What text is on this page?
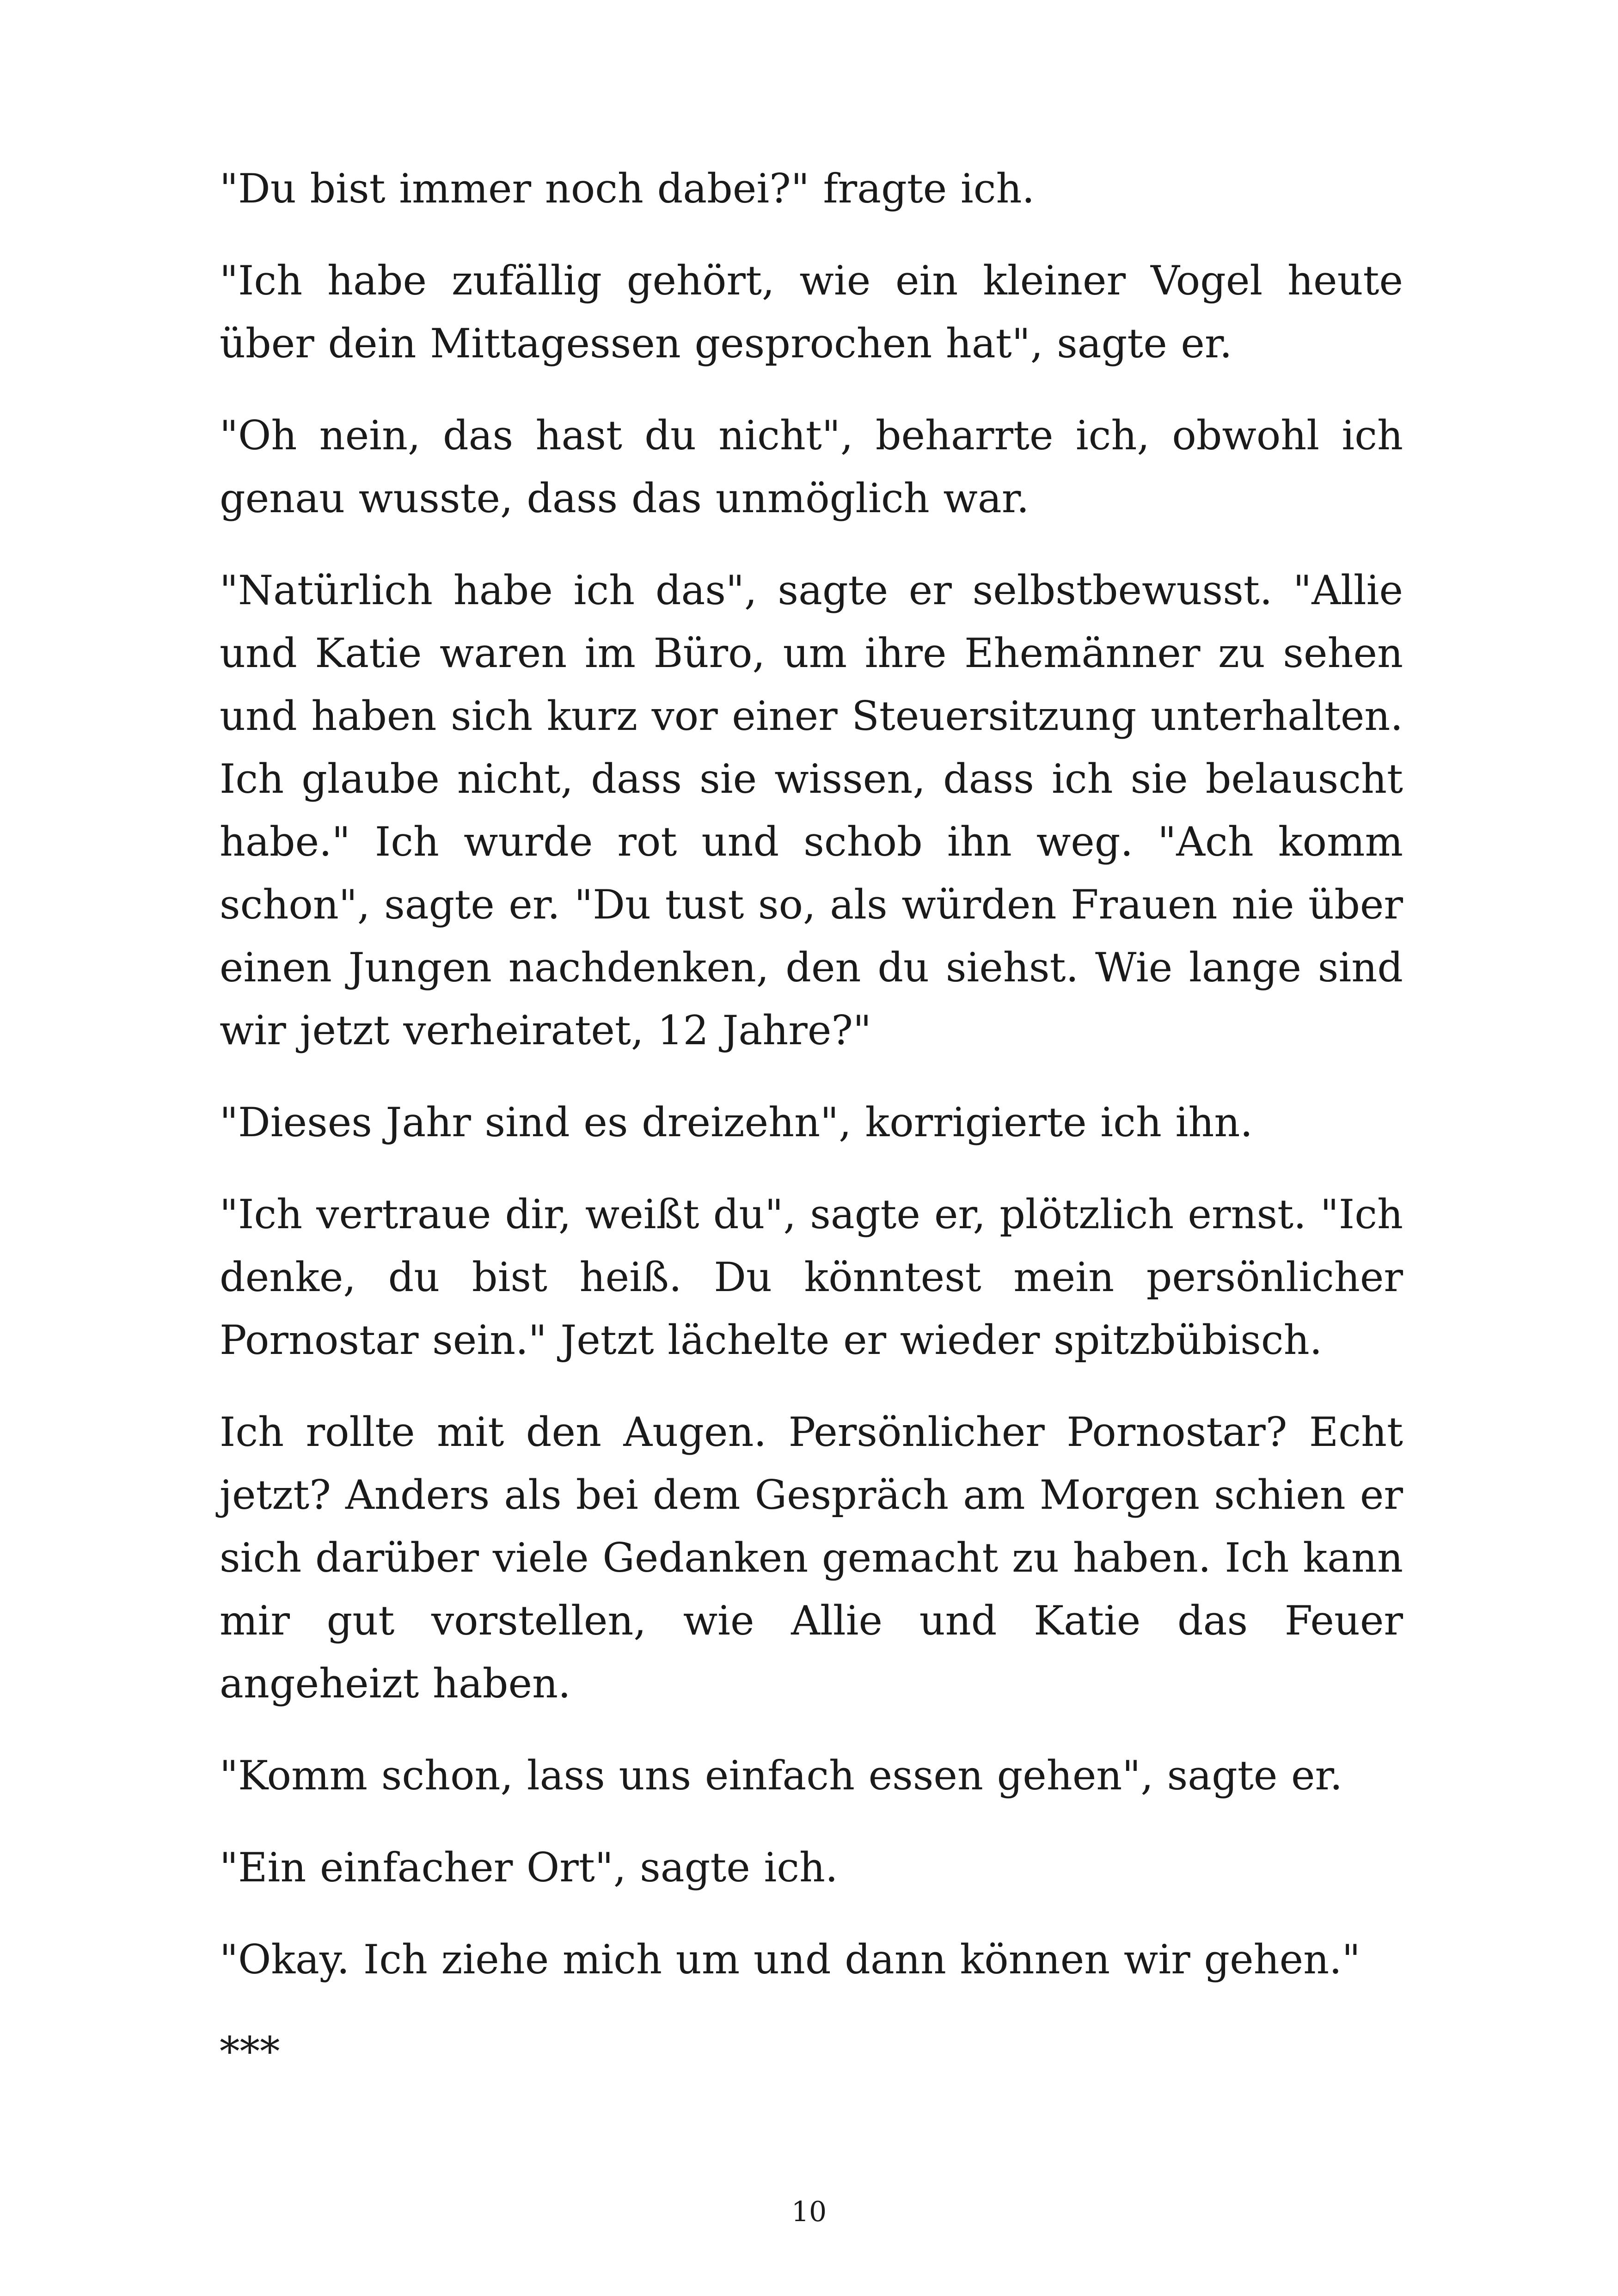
"Du bist immer noch dabei?" fragte ich.

"Ich habe zufällig gehört, wie ein kleiner Vogel heute über dein Mittagessen gesprochen hat", sagte er.

"Oh nein, das hast du nicht", beharrte ich, obwohl ich genau wusste, dass das unmöglich war.

"Natürlich habe ich das", sagte er selbstbewusst. "Allie und Katie waren im Büro, um ihre Ehemänner zu sehen und haben sich kurz vor einer Steuersitzung unterhalten. Ich glaube nicht, dass sie wissen, dass ich sie belauscht habe." Ich wurde rot und schob ihn weg. "Ach komm schon", sagte er. "Du tust so, als würden Frauen nie über einen Jungen nachdenken, den du siehst. Wie lange sind wir jetzt verheiratet, 12 Jahre?"

"Dieses Jahr sind es dreizehn", korrigierte ich ihn.

"Ich vertraue dir, weißt du", sagte er, plötzlich ernst. "Ich denke, du bist heiß. Du könntest mein persönlicher Pornostar sein." Jetzt lächelte er wieder spitzbübisch.

Ich rollte mit den Augen. Persönlicher Pornostar? Echt jetzt? Anders als bei dem Gespräch am Morgen schien er sich darüber viele Gedanken gemacht zu haben. Ich kann mir gut vorstellen, wie Allie und Katie das Feuer angeheizt haben.

"Komm schon, lass uns einfach essen gehen", sagte er.

"Ein einfacher Ort", sagte ich.

"Okay. Ich ziehe mich um und dann können wir gehen."

***

10
